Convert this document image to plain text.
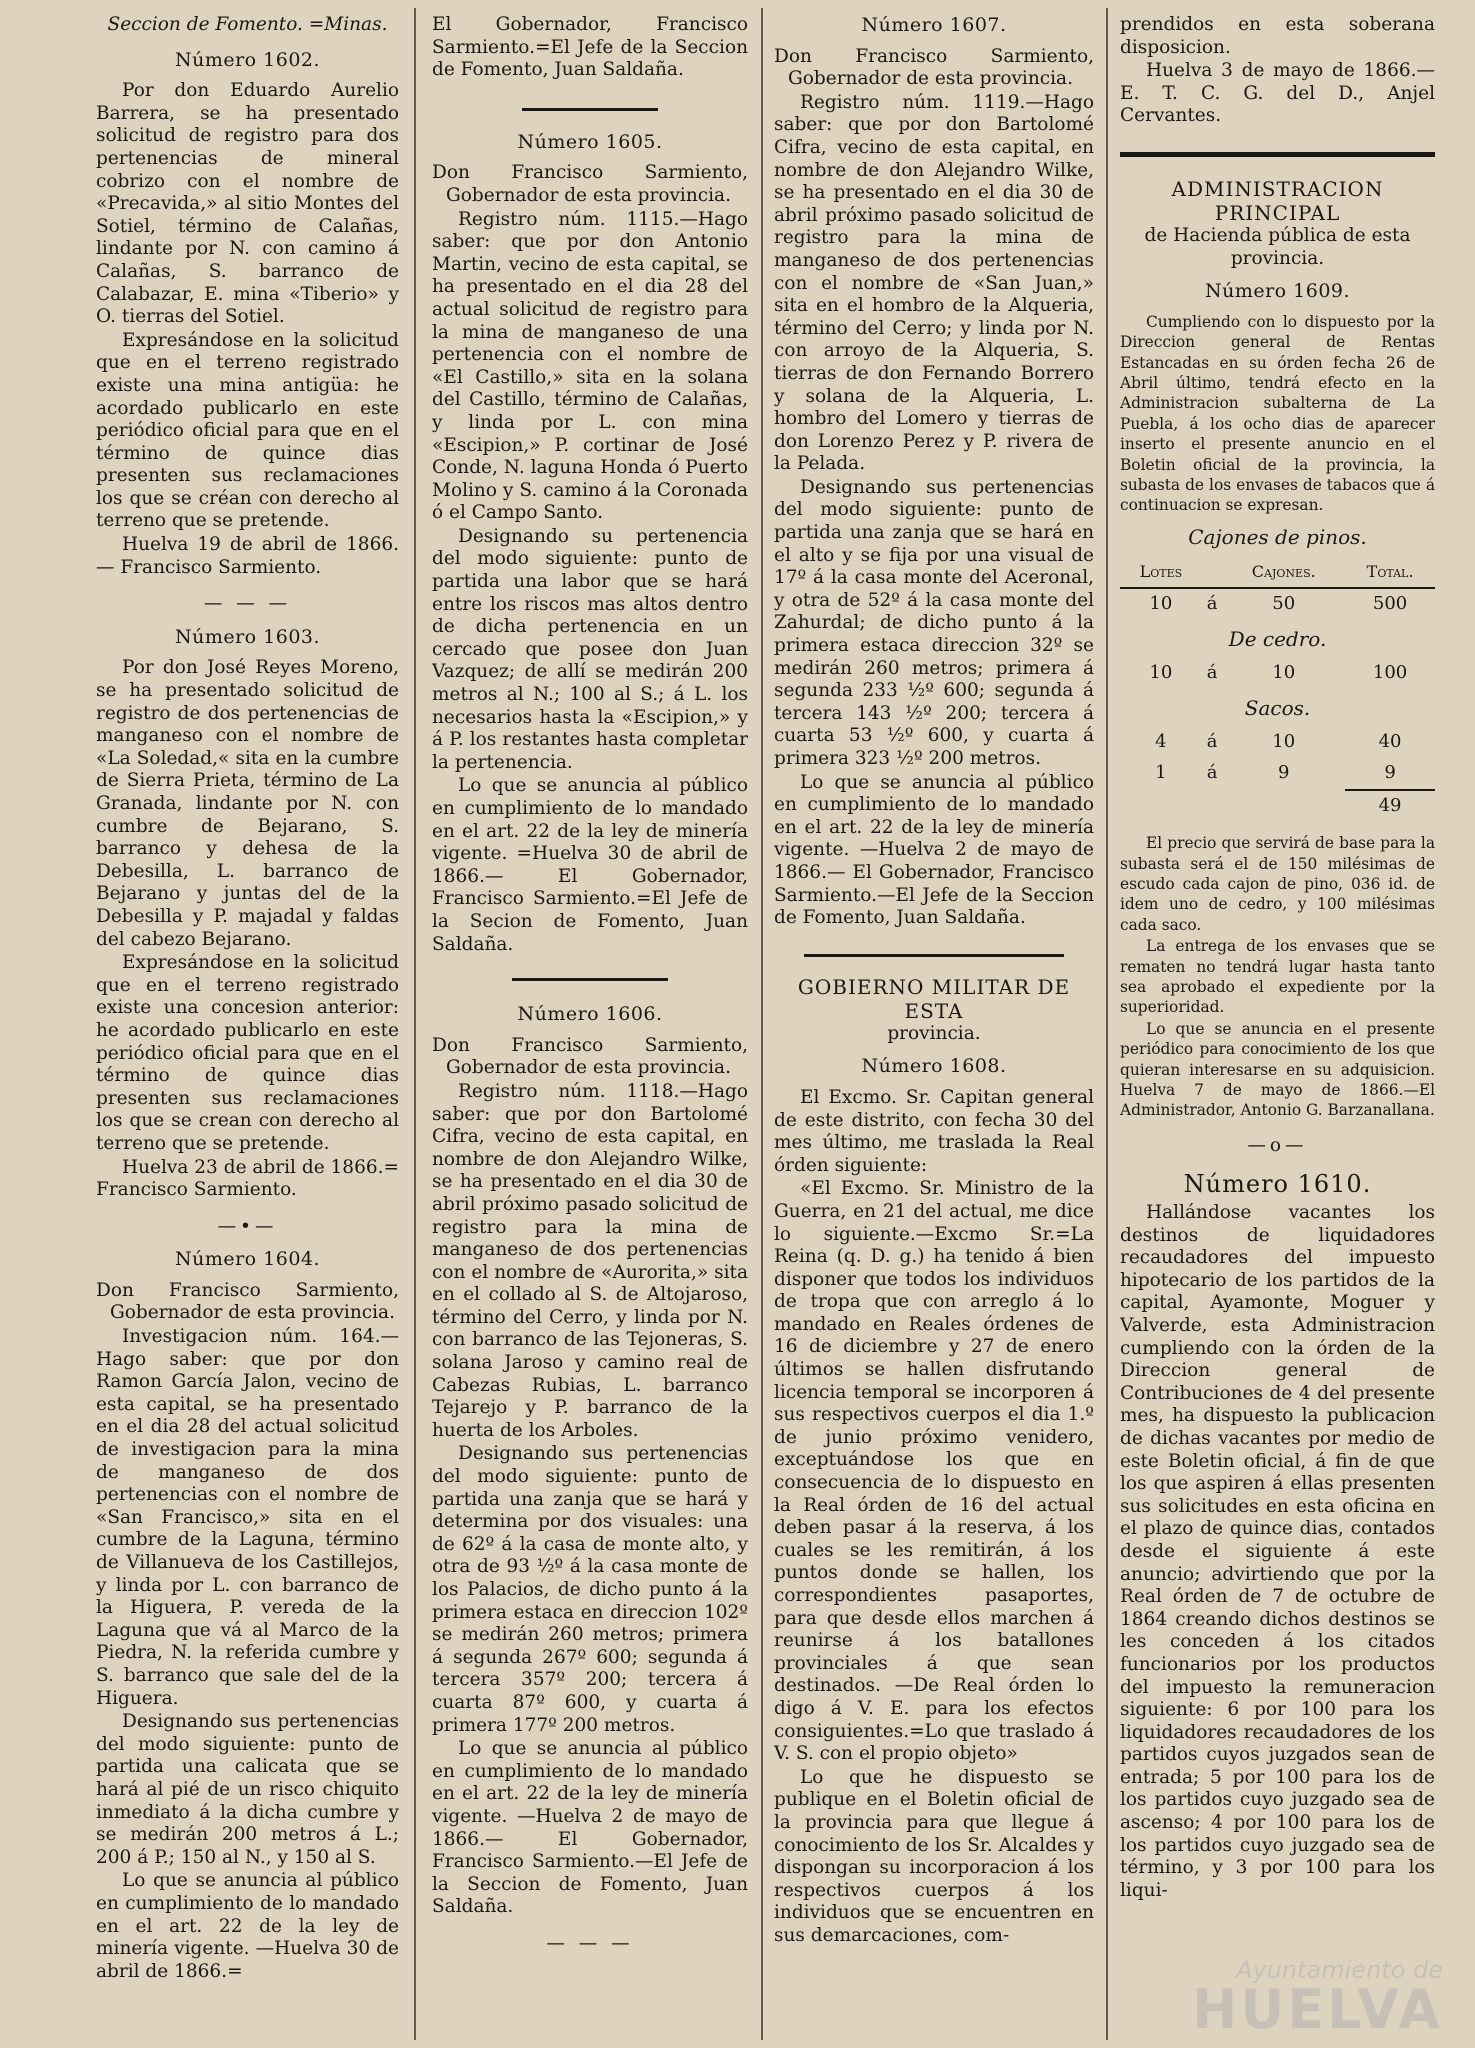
Seccion de Fomento. =Minas.
Número 1602.

Por don Eduardo Aurelio Barrera, se ha presentado solicitud de registro para dos pertenencias de mineral cobrizo con el nombre de «Precavida,» al sitio Montes del Sotiel, término de Calañas, lindante por N. con camino á Calañas, S. barranco de Calabazar, E. mina «Tiberio» y O. tierras del Sotiel.

Expresándose en la solicitud que en el terreno registrado existe una mina antigüa: he acordado publicarlo en este periódico oficial para que en el término de quince dias presenten sus reclamaciones los que se créan con derecho al terreno que se pretende.

Huelva 19 de abril de 1866.— Francisco Sarmiento.

— — —
Número 1603.

Por don José Reyes Moreno, se ha presentado solicitud de registro de dos pertenencias de manganeso con el nombre de «La Soledad,« sita en la cumbre de Sierra Prieta, término de La Granada, lindante por N. con cumbre de Bejarano, S. barranco y dehesa de la Debesilla, L. barranco de Bejarano y juntas del de la Debesilla y P. majadal y faldas del cabezo Bejarano.

Expresándose en la solicitud que en el terreno registrado existe una concesion anterior: he acordado publicarlo en este periódico oficial para que en el término de quince dias presenten sus reclamaciones los que se crean con derecho al terreno que se pretende.

Huelva 23 de abril de 1866.= Francisco Sarmiento.

—•—
Número 1604.

Don Francisco Sarmiento, Gobernador de esta provincia.

Investigacion núm. 164.—Hago saber: que por don Ramon García Jalon, vecino de esta capital, se ha presentado en el dia 28 del actual solicitud de investigacion para la mina de manganeso de dos pertenencias con el nombre de «San Francisco,» sita en el cumbre de la Laguna, término de Villanueva de los Castillejos, y linda por L. con barranco de la Higuera, P. vereda de la Laguna que vá al Marco de la Piedra, N. la referida cumbre y S. barranco que sale del de la Higuera.

Designando sus pertenencias del modo siguiente: punto de partida una calicata que se hará al pié de un risco chiquito inmediato á la dicha cumbre y se medirán 200 metros á L.; 200 á P.; 150 al N., y 150 al S.

Lo que se anuncia al público en cumplimiento de lo mandado en el art. 22 de la ley de minería vigente. —Huelva 30 de abril de 1866.=

El Gobernador, Francisco Sarmiento.=El Jefe de la Seccion de Fomento, Juan Saldaña.

Número 1605.

Don Francisco Sarmiento, Gobernador de esta provincia.

Registro núm. 1115.—Hago saber: que por don Antonio Martin, vecino de esta capital, se ha presentado en el dia 28 del actual solicitud de registro para la mina de manganeso de una pertenencia con el nombre de «El Castillo,» sita en la solana del Castillo, término de Calañas, y linda por L. con mina «Escipion,» P. cortinar de José Conde, N. laguna Honda ó Puerto Molino y S. camino á la Coronada ó el Campo Santo.

Designando su pertenencia del modo siguiente: punto de partida una labor que se hará entre los riscos mas altos dentro de dicha pertenencia en un cercado que posee don Juan Vazquez; de allí se medirán 200 metros al N.; 100 al S.; á L. los necesarios hasta la «Escipion,» y á P. los restantes hasta completar la pertenencia.

Lo que se anuncia al público en cumplimiento de lo mandado en el art. 22 de la ley de minería vigente. =Huelva 30 de abril de 1866.— El Gobernador, Francisco Sarmiento.=El Jefe de la Secion de Fomento, Juan Saldaña.

Número 1606.

Don Francisco Sarmiento, Gobernador de esta provincia.

Registro núm. 1118.—Hago saber: que por don Bartolomé Cifra, vecino de esta capital, en nombre de don Alejandro Wilke, se ha presentado en el dia 30 de abril próximo pasado solicitud de registro para la mina de manganeso de dos pertenencias con el nombre de «Aurorita,» sita en el collado al S. de Altojaroso, término del Cerro, y linda por N. con barranco de las Tejoneras, S. solana Jaroso y camino real de Cabezas Rubias, L. barranco Tejarejo y P. barranco de la huerta de los Arboles.

Designando sus pertenencias del modo siguiente: punto de partida una zanja que se hará y determina por dos visuales: una de 62º á la casa de monte alto, y otra de 93 ½º á la casa monte de los Palacios, de dicho punto á la primera estaca en direccion 102º se medirán 260 metros; primera á segunda 267º 600; segunda á tercera 357º 200; tercera á cuarta 87º 600, y cuarta á primera 177º 200 metros.

Lo que se anuncia al público en cumplimiento de lo mandado en el art. 22 de la ley de minería vigente. —Huelva 2 de mayo de 1866.— El Gobernador, Francisco Sarmiento.—El Jefe de la Seccion de Fomento, Juan Saldaña.

— — —
Número 1607.

Don Francisco Sarmiento, Gobernador de esta provincia.

Registro núm. 1119.—Hago saber: que por don Bartolomé Cifra, vecino de esta capital, en nombre de don Alejandro Wilke, se ha presentado en el dia 30 de abril próximo pasado solicitud de registro para la mina de manganeso de dos pertenencias con el nombre de «San Juan,» sita en el hombro de la Alqueria, término del Cerro; y linda por N. con arroyo de la Alqueria, S. tierras de don Fernando Borrero y solana de la Alqueria, L. hombro del Lomero y tierras de don Lorenzo Perez y P. rivera de la Pelada.

Designando sus pertenencias del modo siguiente: punto de partida una zanja que se hará en el alto y se fija por una visual de 17º á la casa monte del Aceronal, y otra de 52º á la casa monte del Zahurdal; de dicho punto á la primera estaca direccion 32º se medirán 260 metros; primera á segunda 233 ½º 600; segunda á tercera 143 ½º 200; tercera á cuarta 53 ½º 600, y cuarta á primera 323 ½º 200 metros.

Lo que se anuncia al público en cumplimiento de lo mandado en el art. 22 de la ley de minería vigente. —Huelva 2 de mayo de 1866.— El Gobernador, Francisco Sarmiento.—El Jefe de la Seccion de Fomento, Juan Saldaña.

GOBIERNO MILITAR DE ESTA
provincia.
Número 1608.

El Excmo. Sr. Capitan general de este distrito, con fecha 30 del mes último, me traslada la Real órden siguiente:

«El Excmo. Sr. Ministro de la Guerra, en 21 del actual, me dice lo siguiente.—Excmo Sr.=La Reina (q. D. g.) ha tenido á bien disponer que todos los individuos de tropa que con arreglo á lo mandado en Reales órdenes de 16 de diciembre y 27 de enero últimos se hallen disfrutando licencia temporal se incorporen á sus respectivos cuerpos el dia 1.º de junio próximo venidero, exceptuándose los que en consecuencia de lo dispuesto en la Real órden de 16 del actual deben pasar á la reserva, á los cuales se les remitirán, á los puntos donde se hallen, los correspondientes pasaportes, para que desde ellos marchen á reunirse á los batallones provinciales á que sean destinados. —De Real órden lo digo á V. E. para los efectos consiguientes.=Lo que traslado á V. S. con el propio objeto»

Lo que he dispuesto se publique en el Boletin oficial de la provincia para que llegue á conocimiento de los Sr. Alcaldes y dispongan su incorporacion á los respectivos cuerpos á los individuos que se encuentren en sus demarcaciones, com-

prendidos en esta soberana disposicion.

Huelva 3 de mayo de 1866.— E. T. C. G. del D., Anjel Cervantes.

ADMINISTRACION PRINCIPAL
de Hacienda pública de esta provincia.
Número 1609.

Cumpliendo con lo dispuesto por la Direccion general de Rentas Estancadas en su órden fecha 26 de Abril último, tendrá efecto en la Administracion subalterna de La Puebla, á los ocho dias de aparecer inserto el presente anuncio en el Boletin oficial de la provincia, la subasta de los envases de tabacos que á continuacion se expresan.

Cajones de pinos.
Lotes		Cajones.	Total.
10	á	50	500
De cedro.			
10	á	10	100
Sacos.			
4	á	10	40
1	á	9	9
			49

El precio que servirá de base para la subasta será el de 150 milésimas de escudo cada cajon de pino, 036 id. de idem uno de cedro, y 100 milésimas cada saco.

La entrega de los envases que se rematen no tendrá lugar hasta tanto sea aprobado el expediente por la superioridad.

Lo que se anuncia en el presente periódico para conocimiento de los que quieran interesarse en su adquisicion. Huelva 7 de mayo de 1866.—El Administrador, Antonio G. Barzanallana.

—o—
Número 1610.

Hallándose vacantes los destinos de liquidadores recaudadores del impuesto hipotecario de los partidos de la capital, Ayamonte, Moguer y Valverde, esta Administracion cumpliendo con la órden de la Direccion general de Contribuciones de 4 del presente mes, ha dispuesto la publicacion de dichas vacantes por medio de este Boletin oficial, á fin de que los que aspiren á ellas presenten sus solicitudes en esta oficina en el plazo de quince dias, contados desde el siguiente á este anuncio; advirtiendo que por la Real órden de 7 de octubre de 1864 creando dichos destinos se les conceden á los citados funcionarios por los productos del impuesto la remuneracion siguiente: 6 por 100 para los liquidadores recaudadores de los partidos cuyos juzgados sean de entrada; 5 por 100 para los de los partidos cuyo juzgado sea de ascenso; 4 por 100 para los de los partidos cuyo juzgado sea de término, y 3 por 100 para los liqui-

Ayuntamiento de
HUELVA
